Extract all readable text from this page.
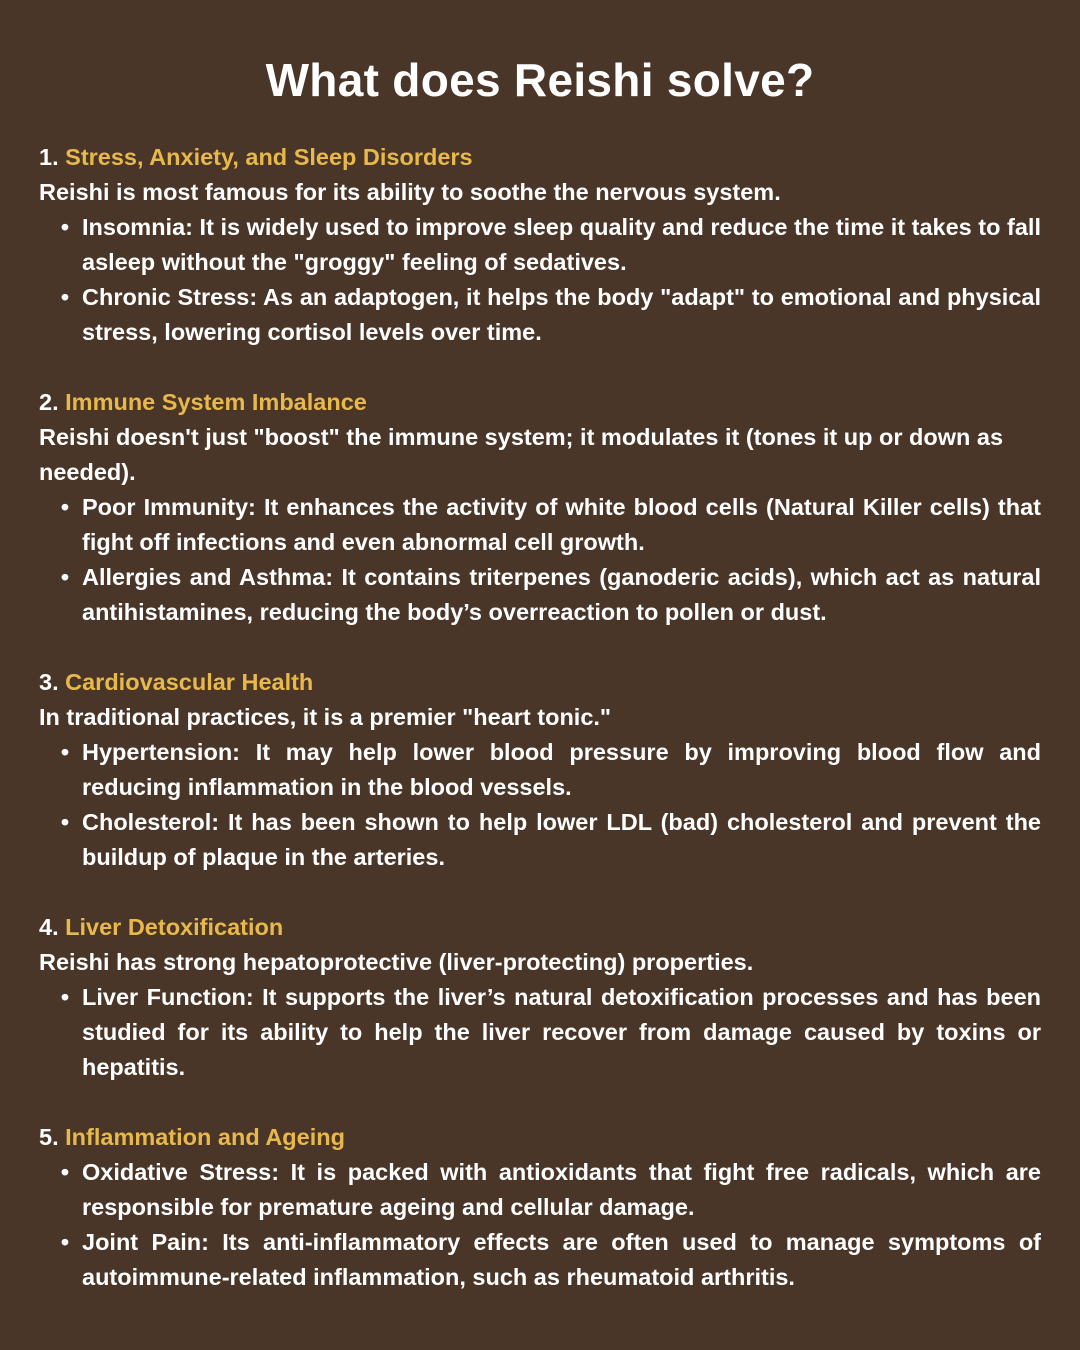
What does Reishi solve?

1. Stress, Anxiety, and Sleep Disorders

Reishi is most famous for its ability to soothe the nervous system.

• Insomnia: It is widely used to improve sleep quality and reduce the time it takes to fall asleep without the "groggy" feeling of sedatives.
• Chronic Stress: As an adaptogen, it helps the body "adapt" to emotional and physical stress, lowering cortisol levels over time.

2. Immune System Imbalance

Reishi doesn't just "boost" the immune system; it modulates it (tones it up or down as needed).

• Poor Immunity: It enhances the activity of white blood cells (Natural Killer cells) that fight off infections and even abnormal cell growth.
• Allergies and Asthma: It contains triterpenes (ganoderic acids), which act as natural antihistamines, reducing the body’s overreaction to pollen or dust.

3. Cardiovascular Health

In traditional practices, it is a premier "heart tonic."

• Hypertension: It may help lower blood pressure by improving blood flow and reducing inflammation in the blood vessels.
• Cholesterol: It has been shown to help lower LDL (bad) cholesterol and prevent the buildup of plaque in the arteries.

4. Liver Detoxification

Reishi has strong hepatoprotective (liver-protecting) properties.

• Liver Function: It supports the liver’s natural detoxification processes and has been studied for its ability to help the liver recover from damage caused by toxins or hepatitis.

5. Inflammation and Ageing

• Oxidative Stress: It is packed with antioxidants that fight free radicals, which are responsible for premature ageing and cellular damage.
• Joint Pain: Its anti-inflammatory effects are often used to manage symptoms of autoimmune-related inflammation, such as rheumatoid arthritis.
